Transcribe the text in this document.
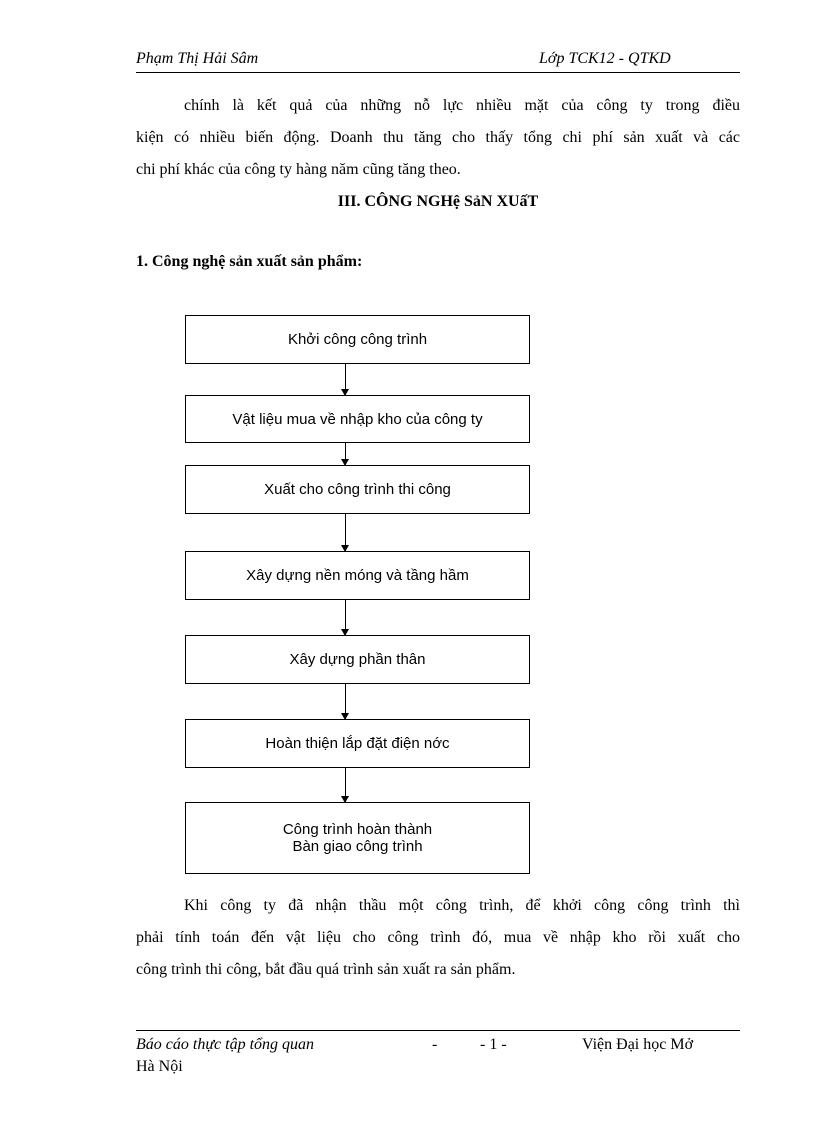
Phạm Thị Hải Sâm	Lớp TCK12 - QTKD
chính là kết quả của những nỗ lực nhiều mặt của công ty trong điều
kiện có nhiều biến động. Doanh thu tăng cho thấy tổng chi phí sản xuất và các
chi phí khác của công ty hàng năm cũng tăng theo.
III. CÔNG NGHệ SảN XUấT
1. Công nghệ sản xuất sản phẩm:
Khởi công công trình
Vật liệu mua về nhập kho của công ty
Xuất cho công trình thi công
Xây dựng nền móng và tầng hầm
Xây dựng phần thân
Hoàn thiện lắp đặt điện nớc
Công trình hoàn thành
Bàn giao công trình
Khi công ty đã nhận thầu một công trình, để khởi công công trình thì
phải tính toán đến vật liệu cho công trình đó, mua về nhập kho rồi xuất cho
công trình thi công, bắt đầu quá trình sản xuất ra sản phẩm.
Báo cáo thực tập tổng quan	-	- 1 -	Viện Đại học Mở
Hà Nội
